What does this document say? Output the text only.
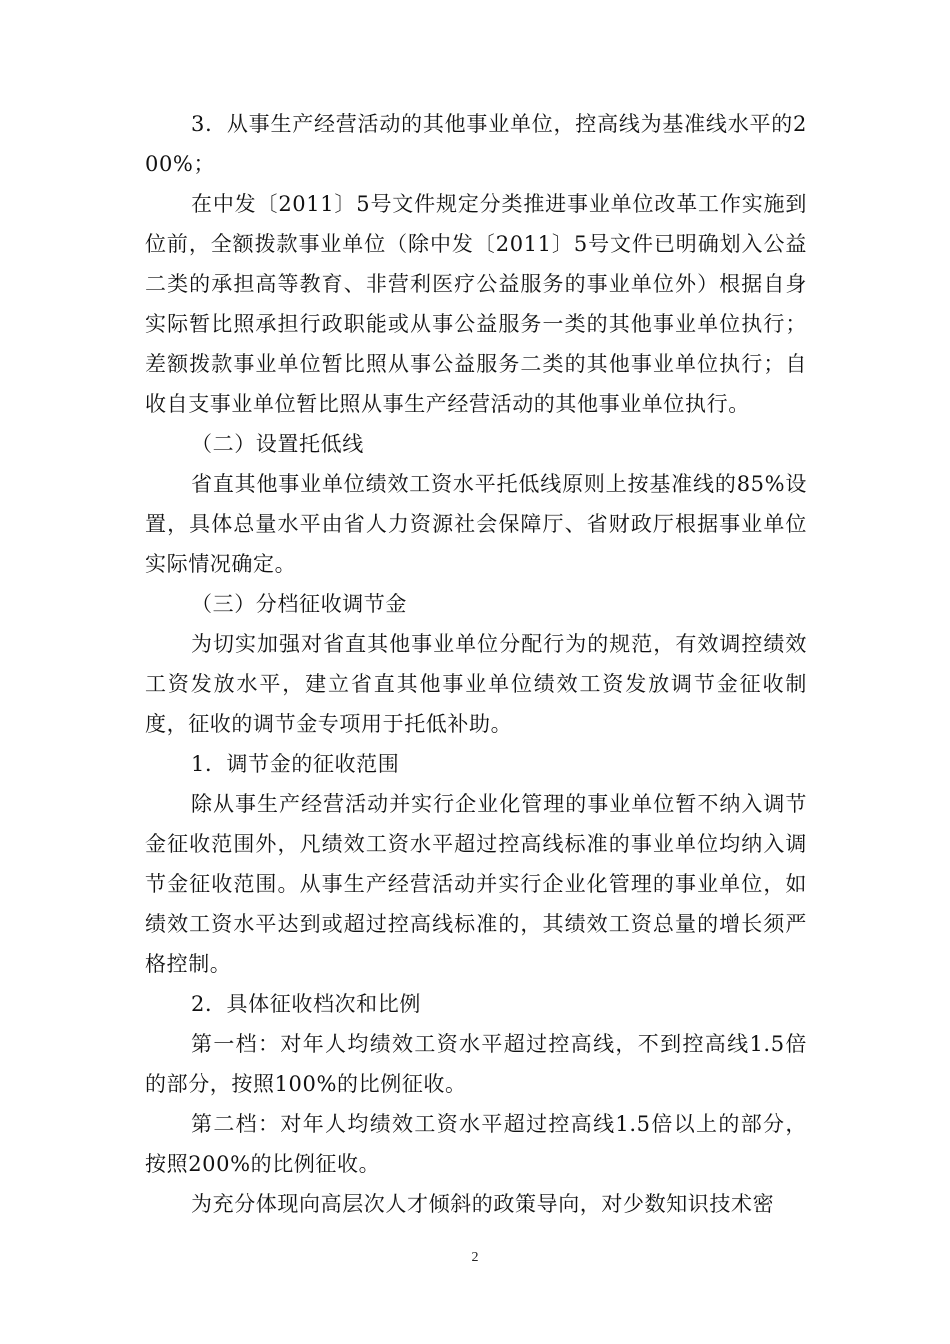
3．从事生产经营活动的其他事业单位，控高线为基准线水平的200%；

在中发〔2011〕5号文件规定分类推进事业单位改革工作实施到位前，全额拨款事业单位（除中发〔2011〕5号文件已明确划入公益二类的承担高等教育、非营利医疗公益服务的事业单位外）根据自身实际暂比照承担行政职能或从事公益服务一类的其他事业单位执行；差额拨款事业单位暂比照从事公益服务二类的其他事业单位执行；自收自支事业单位暂比照从事生产经营活动的其他事业单位执行。

（二）设置托低线

省直其他事业单位绩效工资水平托低线原则上按基准线的85%设置，具体总量水平由省人力资源社会保障厅、省财政厅根据事业单位实际情况确定。

（三）分档征收调节金

为切实加强对省直其他事业单位分配行为的规范，有效调控绩效工资发放水平，建立省直其他事业单位绩效工资发放调节金征收制度，征收的调节金专项用于托低补助。

1．调节金的征收范围

除从事生产经营活动并实行企业化管理的事业单位暂不纳入调节金征收范围外，凡绩效工资水平超过控高线标准的事业单位均纳入调节金征收范围。从事生产经营活动并实行企业化管理的事业单位，如绩效工资水平达到或超过控高线标准的，其绩效工资总量的增长须严格控制。

2．具体征收档次和比例

第一档：对年人均绩效工资水平超过控高线，不到控高线1.5倍的部分，按照100%的比例征收。

第二档：对年人均绩效工资水平超过控高线1.5倍以上的部分，按照200%的比例征收。

为充分体现向高层次人才倾斜的政策导向，对少数知识技术密

2
